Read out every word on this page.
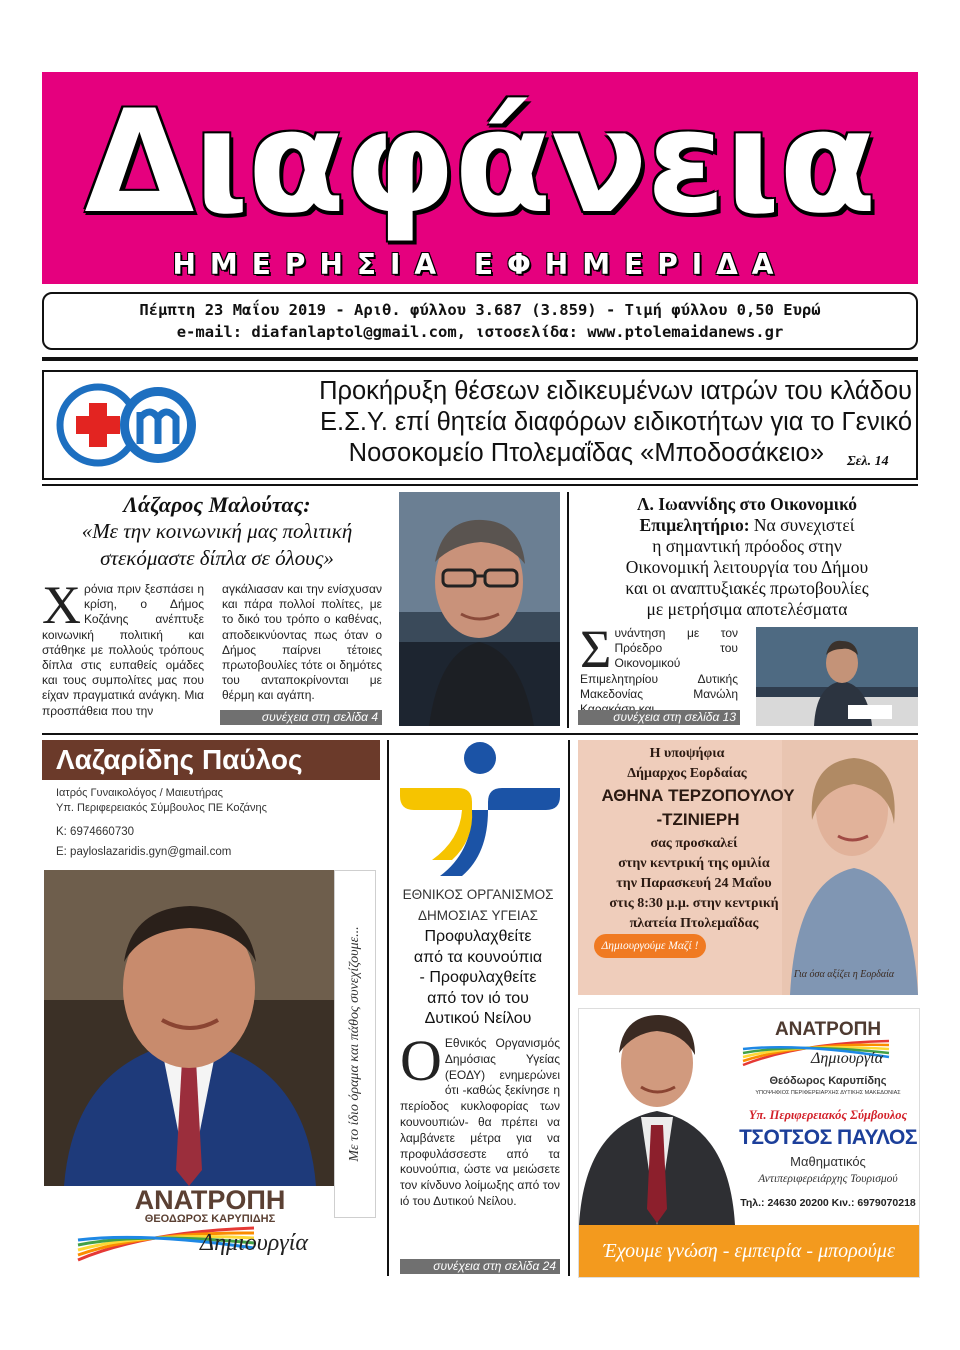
Διαφάνεια
ΗΜΕΡΗΣΙΑ ΕΦΗΜΕΡΙΔΑ
Πέμπτη 23 Μαΐου 2019 - Αριθ. φύλλου 3.687 (3.859) - Τιμή φύλλου 0,50 Ευρώ
e-mail: diafanlaptol@gmail.com, ιστοσελίδα: www.ptolemaidanews.gr
Προκήρυξη θέσεων ειδικευμένων ιατρών του κλάδου
Ε.Σ.Υ. επί θητεία διαφόρων ειδικοτήτων για το Γενικό
Νοσοκομείο Πτολεμαΐδας «Μποδοσάκειο»	Σελ. 14
Λάζαρος Μαλούτας:
«Με την κοινωνική μας πολιτική
στεκόμαστε δίπλα σε όλους»
Χρόνια πριν ξεσπάσει η κρίση, ο Δήμος Κοζάνης ανέπτυξε κοινωνική πολιτική και στάθηκε με πολλούς τρόπους δίπλα στις ευπαθείς ομάδες και τους συμπολίτες μας που είχαν πραγματικά ανάγκη. Μια προσπάθεια που την
αγκάλιασαν και την ενίσχυσαν και πάρα πολλοί πολίτες, με το δικό του τρόπο ο καθένας, αποδεικνύοντας πως όταν ο Δήμος παίρνει τέτοιες πρωτοβουλίες τότε οι δημότες του ανταποκρίνονται με θέρμη και αγάπη.
συνέχεια στη σελίδα 4
Λ. Ιωαννίδης στο Οικονομικό
Επιμελητήριο: Να συνεχιστεί
η σημαντική πρόοδος στην
Οικονομική λειτουργία του Δήμου
και οι αναπτυξιακές πρωτοβουλίες
με μετρήσιμα αποτελέσματα
Συνάντηση με τον Πρόεδρο του Οικονομικού Επιμελητηρίου Δυτικής Μακεδονίας Μανώλη
συνέχεια στη σελίδα 13
Λαζαρίδης Παύλος
Ιατρός Γυναικολόγος / Μαιευτήρας
Υπ. Περιφερειακός Σύμβουλος ΠΕ Κοζάνης
Κ: 6974660730
E: payloslazaridis.gyn@gmail.com
Με το ίδιο όραμα και πάθος συνεχίζουμε...
ΑΝΑΤΡΟΠΗ
ΘΕΟΔΩΡΟΣ ΚΑΡΥΠΙΔΗΣ
Δημιουργία
ΕΘΝΙΚΟΣ ΟΡΓΑΝΙΣΜΟΣ
ΔΗΜΟΣΙΑΣ ΥΓΕΙΑΣ
Προφυλαχθείτε
από τα κουνούπια
- Προφυλαχθείτε
από τον ιό του
Δυτικού Νείλου
Ο Εθνικός Οργανισμός Δημόσιας Υγείας (ΕΟΔΥ) ενημερώνει ότι -καθώς ξεκίνησε η περίοδος κυκλοφορίας των κουνουπιών- θα πρέπει να λαμβάνετε μέτρα για να προφυλάσσεστε από τα κουνούπια, ώστε να μειώσετε τον κίνδυνο λοίμωξης από τον ιό του Δυτικού Νείλου.
συνέχεια στη σελίδα 24
Η υποψήφια
Δήμαρχος Εορδαίας
ΑΘΗΝΑ ΤΕΡΖΟΠΟΥΛΟΥ
-ΤΖΙΝΙΕΡΗ
σας προσκαλεί
στην κεντρική της ομιλία
την Παρασκευή 24 Μαΐου
στις 8:30 μ.μ. στην κεντρική
πλατεία Πτολεμαΐδας
Δημιουργούμε Μαζί !
Για όσα αξίζει η Εορδαία
ΑΝΑΤΡΟΠΗ
Δημιουργία
Θεόδωρος Καρυπίδης
ΥΠΟΨΗΦΙΟΣ ΠΕΡΙΦΕΡΕΙΑΡΧΗΣ ΔΥΤΙΚΗΣ ΜΑΚΕΔΟΝΙΑΣ
Υπ. Περιφερειακός Σύμβουλος
ΤΣΟΤΣΟΣ ΠΑΥΛΟΣ
Μαθηματικός
Αντιπεριφερειάρχης Τουρισμού
Τηλ.: 24630 20200 Κιν.: 6979070218
Έχουμε γνώση - εμπειρία - μπορούμε
